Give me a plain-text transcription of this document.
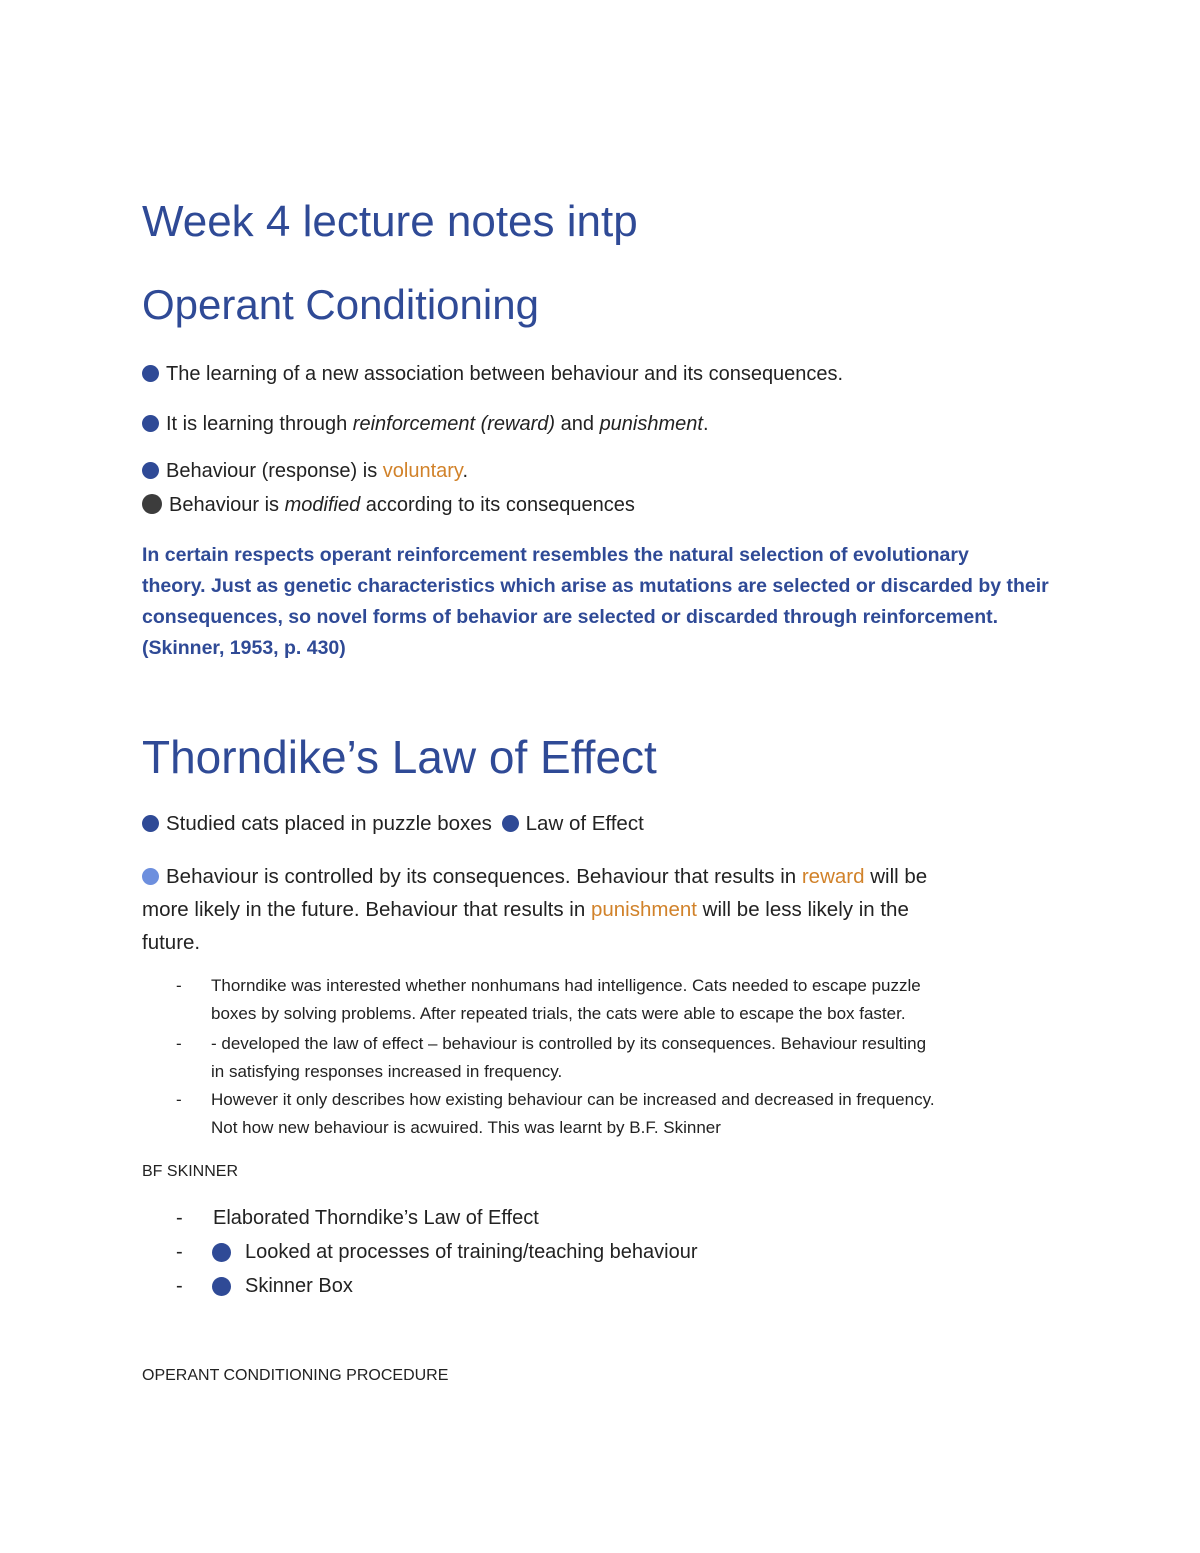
Week 4 lecture notes intp
Operant Conditioning
The learning of a new association between behaviour and its consequences.
It is learning through reinforcement (reward) and punishment.
Behaviour (response) is voluntary.
Behaviour is modified according to its consequences
In certain respects operant reinforcement resembles the natural selection of evolutionary
theory. Just as genetic characteristics which arise as mutations are selected or discarded by their
consequences, so novel forms of behavior are selected or discarded through reinforcement.
(Skinner, 1953, p. 430)
Thorndike’s Law of Effect
Studied cats placed in puzzle boxes Law of Effect
Behaviour is controlled by its consequences. Behaviour that results in reward will be
more likely in the future. Behaviour that results in punishment will be less likely in the
future.
- Thorndike was interested whether nonhumans had intelligence. Cats needed to escape puzzle
boxes by solving problems. After repeated trials, the cats were able to escape the box faster.
- - developed the law of effect – behaviour is controlled by its consequences. Behaviour resulting
in satisfying responses increased in frequency.
- However it only describes how existing behaviour can be increased and decreased in frequency.
Not how new behaviour is acwuired. This was learnt by B.F. Skinner
BF SKINNER
- Elaborated Thorndike’s Law of Effect
-	Looked at processes of training/teaching behaviour
-	Skinner Box
OPERANT CONDITIONING PROCEDURE
